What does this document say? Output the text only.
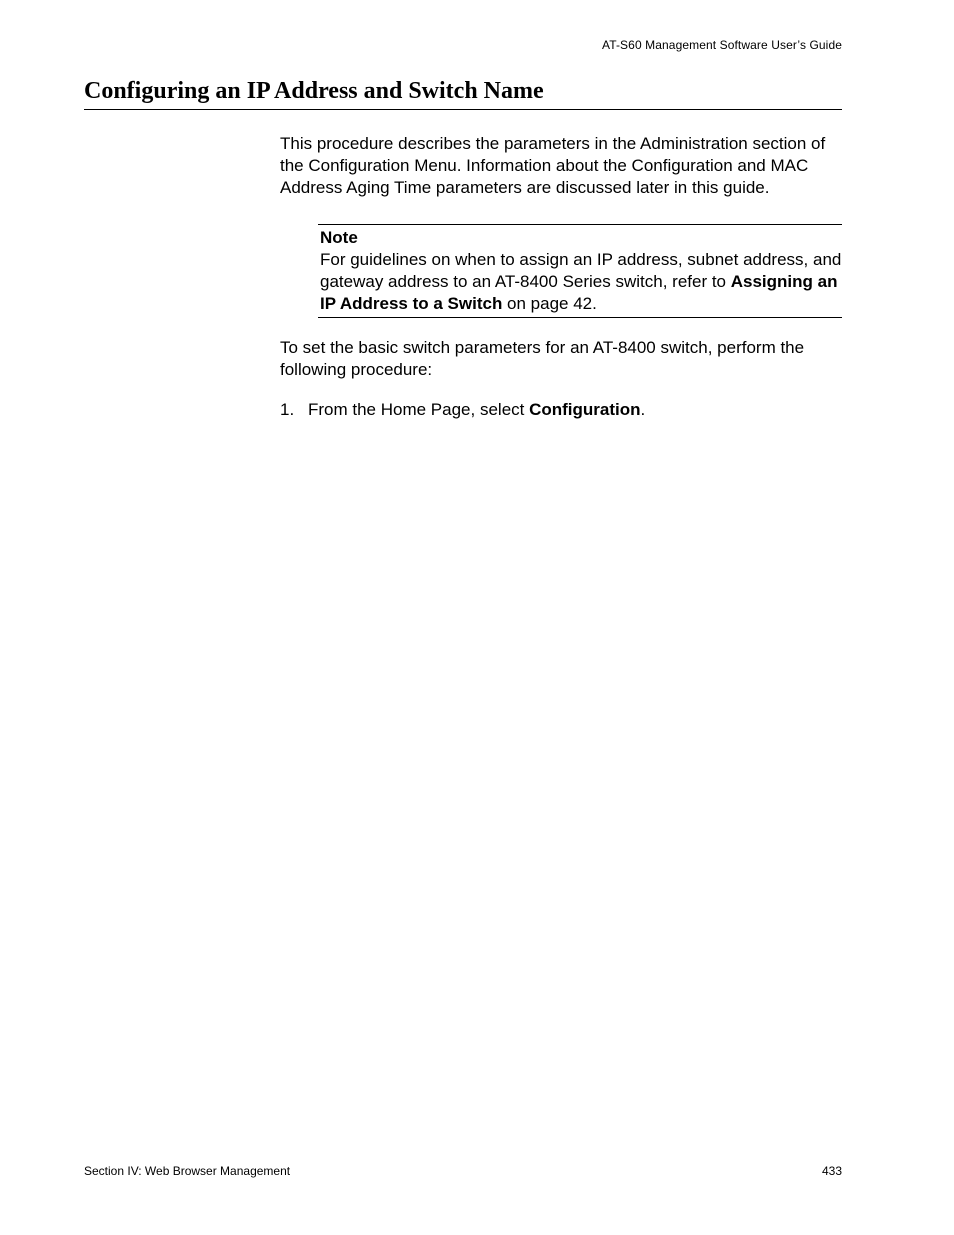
AT-S60 Management Software User’s Guide
Configuring an IP Address and Switch Name

This procedure describes the parameters in the Administration section of the Configuration Menu. Information about the Configuration and MAC Address Aging Time parameters are discussed later in this guide.

Note
For guidelines on when to assign an IP address, subnet address, and gateway address to an AT-8400 Series switch, refer to Assigning an IP Address to a Switch on page 42.

To set the basic switch parameters for an AT-8400 switch, perform the following procedure:

1. From the Home Page, select Configuration.
Section IV: Web Browser Management	433
